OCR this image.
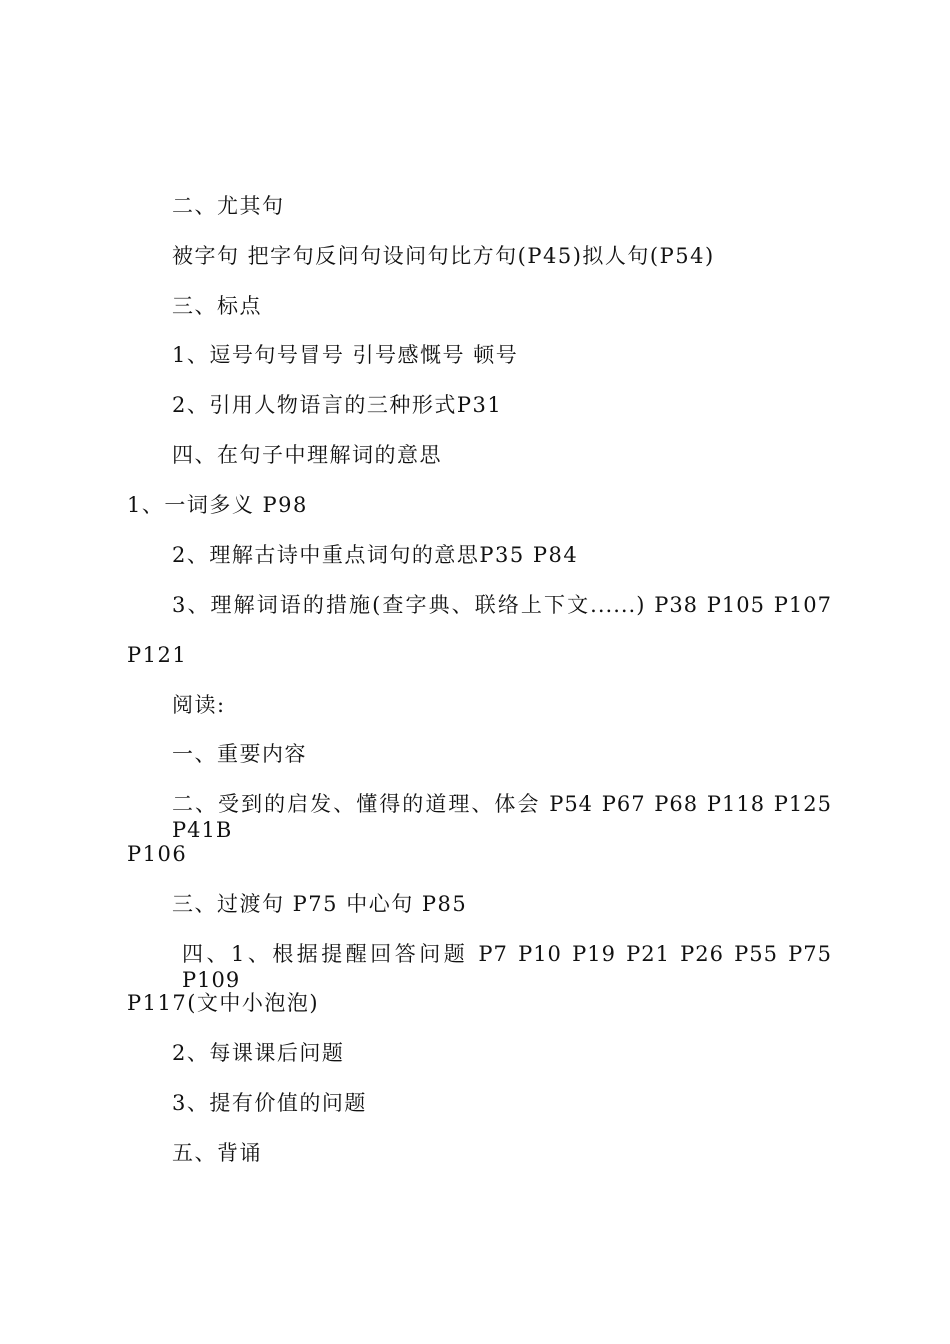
二、尤其句
被字句 把字句反问句设问句比方句(P45)拟人句(P54)
三、标点
1、逗号句号冒号 引号感慨号 顿号
2、引用人物语言的三种形式P31
四、在句子中理解词的意思
1、一词多义 P98
2、理解古诗中重点词句的意思P35 P84
3、理解词语的措施(查字典、联络上下文......) P38 P105 P107
P121
阅读:
一、重要内容
二、受到的启发、懂得的道理、体会 P54 P67 P68 P118 P125 P41B
P106
三、过渡句 P75 中心句 P85
四、1、根据提醒回答问题 P7 P10 P19 P21 P26 P55 P75 P109
P117(文中小泡泡)
2、每课课后问题
3、提有价值的问题
五、背诵
